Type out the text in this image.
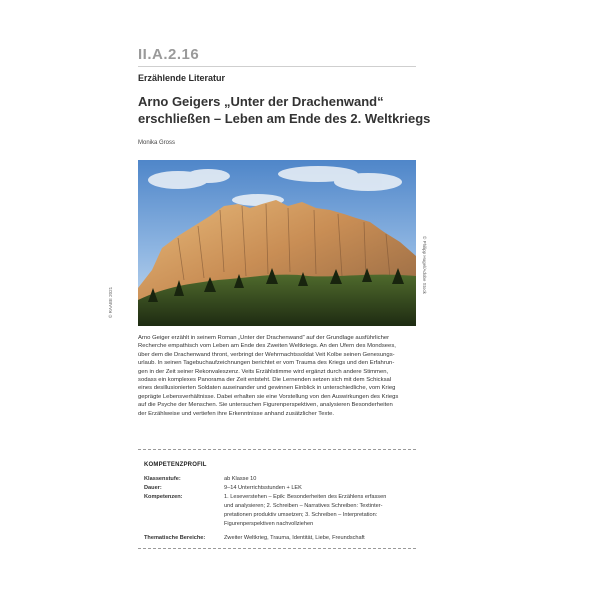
II.A.2.16
Erzählende Literatur
Arno Geigers „Unter der Drachenwand“
erschließen – Leben am Ende des 2. Weltkriegs
Monika Gross
© Philipp Hugel/Adobe Stock
© RAABE 2021
Arno Geiger erzählt in seinem Roman „Unter der Drachenwand“ auf der Grundlage ausführlicher
Recherche empathisch vom Leben am Ende des Zweiten Weltkriegs. An den Ufern des Mondsees,
über dem die Drachenwand thront, verbringt der Wehrmachtssoldat Veit Kolbe seinen Genesungs-
urlaub. In seinen Tagebuchaufzeichnungen berichtet er vom Trauma des Kriegs und den Erfahrun-
gen in der Zeit seiner Rekonvaleszenz. Veits Erzählstimme wird ergänzt durch andere Stimmen,
sodass ein komplexes Panorama der Zeit entsteht. Die Lernenden setzen sich mit dem Schicksal
eines desillusionierten Soldaten auseinander und gewinnen Einblick in unterschiedliche, vom Krieg
geprägte Lebensverhältnisse. Dabei erhalten sie eine Vorstellung von den Auswirkungen des Kriegs
auf die Psyche der Menschen. Sie untersuchen Figurenperspektiven, analysieren Besonderheiten
der Erzählweise und vertiefen ihre Erkenntnisse anhand zusätzlicher Texte.
KOMPETENZPROFIL
Klassenstufe:	ab Klasse 10
Dauer:	9–14 Unterrichtsstunden + LEK
Kompetenzen:	1. Leseverstehen – Epik: Besonderheiten des Erzählens erfassen
und analysieren; 2. Schreiben – Narratives Schreiben: Textinter-
pretationen produktiv umsetzen; 3. Schreiben – Interpretation:
Figurenperspektiven nachvollziehen
Thematische Bereiche:	Zweiter Weltkrieg, Trauma, Identität, Liebe, Freundschaft
